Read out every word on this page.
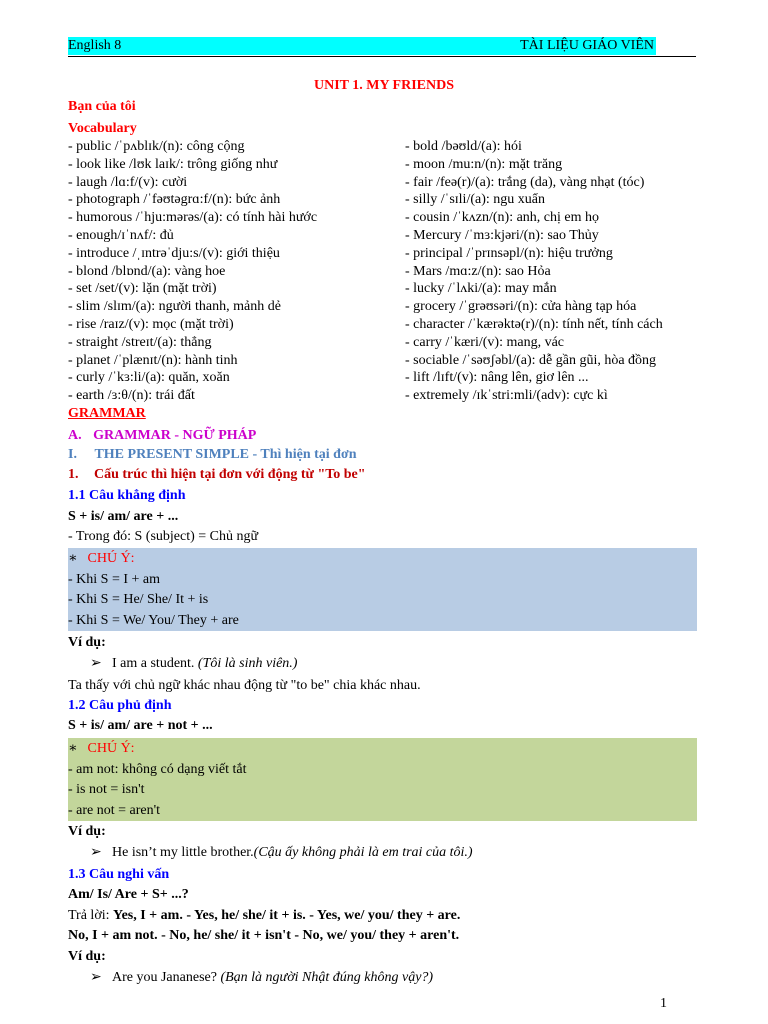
English 8	TÀI LIỆU GIÁO VIÊN
UNIT 1. MY FRIENDS
Bạn của tôi
Vocabulary
- public /ˈpʌblɪk/(n): công cộng
- look like /lʊk laɪk/: trông giống như
- laugh /lɑ:f/(v): cười
- photograph /ˈfəʊtəgrɑ:f/(n): bức ảnh
- humorous /ˈhju:mərəs/(a): có tính hài hước
- enough/ɪˈnʌf/: đủ
- introduce /ˌɪntrəˈdju:s/(v): giới thiệu
- blond /blɒnd/(a): vàng hoe
- set /set/(v): lặn (mặt trời)
- slim /slɪm/(a): người thanh, mảnh dẻ
- rise /raɪz/(v): mọc (mặt trời)
- straight /streɪt/(a): thẳng
- planet /ˈplænɪt/(n): hành tinh
- curly /ˈkɜ:li/(a): quăn, xoăn
- earth /ɜ:θ/(n): trái đất
- bold /bəʊld/(a): hói
- moon /mu:n/(n): mặt trăng
- fair /feə(r)/(a): trắng (da), vàng nhạt (tóc)
- silly /ˈsɪli/(a): ngu xuẩn
- cousin /ˈkʌzn/(n): anh, chị em họ
- Mercury /ˈmɜ:kjəri/(n): sao Thủy
- principal /ˈprɪnsəpl/(n): hiệu trưởng
- Mars /mɑ:z/(n): sao Hỏa
- lucky /ˈlʌki/(a): may mắn
- grocery /ˈgrəʊsəri/(n): cửa hàng tạp hóa
- character /ˈkærəktə(r)/(n): tính nết, tính cách
- carry /ˈkæri/(v): mang, vác
- sociable /ˈsəʊʃəbl/(a): dễ gần gũi, hòa đồng
- lift /lɪft/(v): nâng lên, giơ lên ...
- extremely /ɪkˈstri:mli/(adv): cực kì
GRAMMAR
A. GRAMMAR - NGỮ PHÁP
I. THE PRESENT SIMPLE - Thì hiện tại đơn
1. Cấu trúc thì hiện tại đơn với động từ "To be"
1.1 Câu khẳng định
S + is/ am/ are + ...
- Trong đó: S (subject) = Chủ ngữ
∗ CHÚ Ý:
- Khi S = I + am
- Khi S = He/ She/ It + is
- Khi S = We/ You/ They + are
Ví dụ:
➢ I am a student. (Tôi là sinh viên.)
Ta thấy với chủ ngữ khác nhau động từ "to be" chia khác nhau.
1.2 Câu phủ định
S + is/ am/ are + not + ...
∗ CHÚ Ý:
- am not: không có dạng viết tắt
- is not = isn't
- are not = aren't
Ví dụ:
➢ He isn’t my little brother.(Cậu ấy không phải là em trai của tôi.)
1.3 Câu nghi vấn
Am/ Is/ Are + S+ ...?
Trả lời: Yes, I + am. - Yes, he/ she/ it + is. - Yes, we/ you/ they + are.
No, I + am not. - No, he/ she/ it + isn't - No, we/ you/ they + aren't.
Ví dụ:
➢ Are you Jananese? (Bạn là người Nhật đúng không vậy?)
1
